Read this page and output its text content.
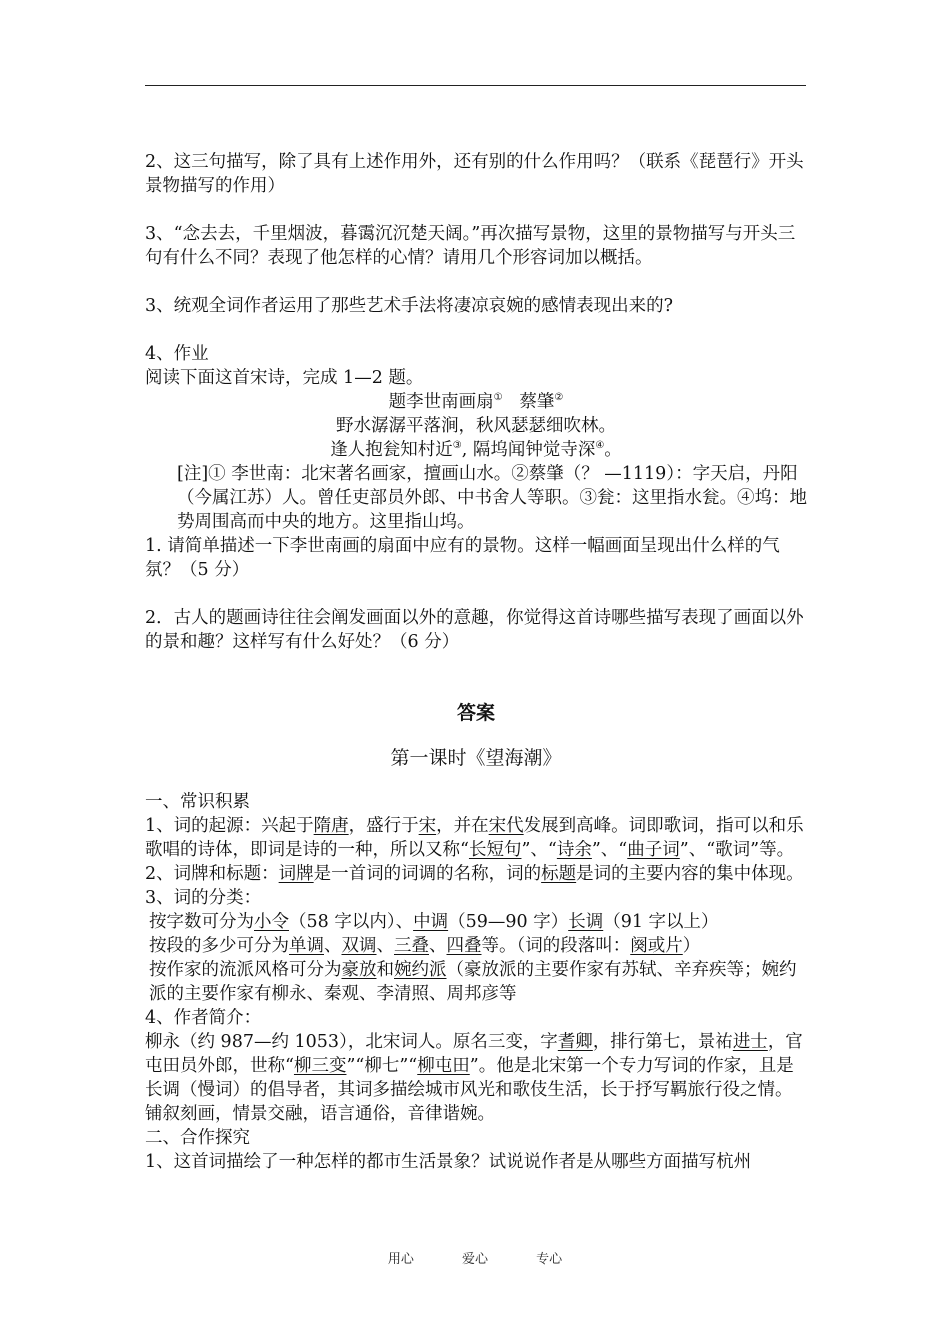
2、这三句描写，除了具有上述作用外，还有别的什么作用吗？（联系《琵琶行》开头景物描写的作用）

3、“念去去，千里烟波，暮霭沉沉楚天阔。”再次描写景物，这里的景物描写与开头三句有什么不同？表现了他怎样的心情？请用几个形容词加以概括。

3、统观全词作者运用了那些艺术手法将凄凉哀婉的感情表现出来的?

4、作业

阅读下面这首宋诗，完成 1—2 题。

题李世南画扇① 蔡肇②

野水潺潺平落涧，秋风瑟瑟细吹林。

逢人抱瓮知村近③, 隔坞闻钟觉寺深④。

[注]① 李世南：北宋著名画家，擅画山水。②蔡肇（？ —1119）：字天启，丹阳（今属江苏）人。曾任吏部员外郎、中书舍人等职。③瓮：这里指水瓮。④坞：地势周围高而中央的地方。这里指山坞。

1. 请简单描述一下李世南画的扇面中应有的景物。这样一幅画面呈现出什么样的气氛？（5 分）

2．古人的题画诗往往会阐发画面以外的意趣，你觉得这首诗哪些描写表现了画面以外的景和趣？这样写有什么好处？（6 分）

答案

第一课时《望海潮》

一、常识积累

1、词的起源：兴起于隋唐，盛行于宋，并在宋代发展到高峰。词即歌词，指可以和乐歌唱的诗体，即词是诗的一种，所以又称“长短句”、“诗余”、“曲子词”、“歌词”等。

2、词牌和标题：词牌是一首词的词调的名称，词的标题是词的主要内容的集中体现。

3、词的分类：

按字数可分为小令（58 字以内）、中调（59—90 字）长调（91 字以上）

按段的多少可分为单调、双调、三叠、四叠等。（词的段落叫：阕或片）

按作家的流派风格可分为豪放和婉约派（豪放派的主要作家有苏轼、辛弃疾等；婉约派的主要作家有柳永、秦观、李清照、周邦彦等

4、作者简介：

柳永（约 987—约 1053），北宋词人。原名三变，字耆卿，排行第七，景祐进士，官屯田员外郎，世称“柳三变”“柳七”“柳屯田”。他是北宋第一个专力写词的作家，且是长调（慢词）的倡导者，其词多描绘城市风光和歌伎生活，长于抒写羁旅行役之情。铺叙刻画，情景交融，语言通俗，音律谐婉。

二、合作探究

1、这首词描绘了一种怎样的都市生活景象？试说说作者是从哪些方面描写杭州

用心	爱心	专心
